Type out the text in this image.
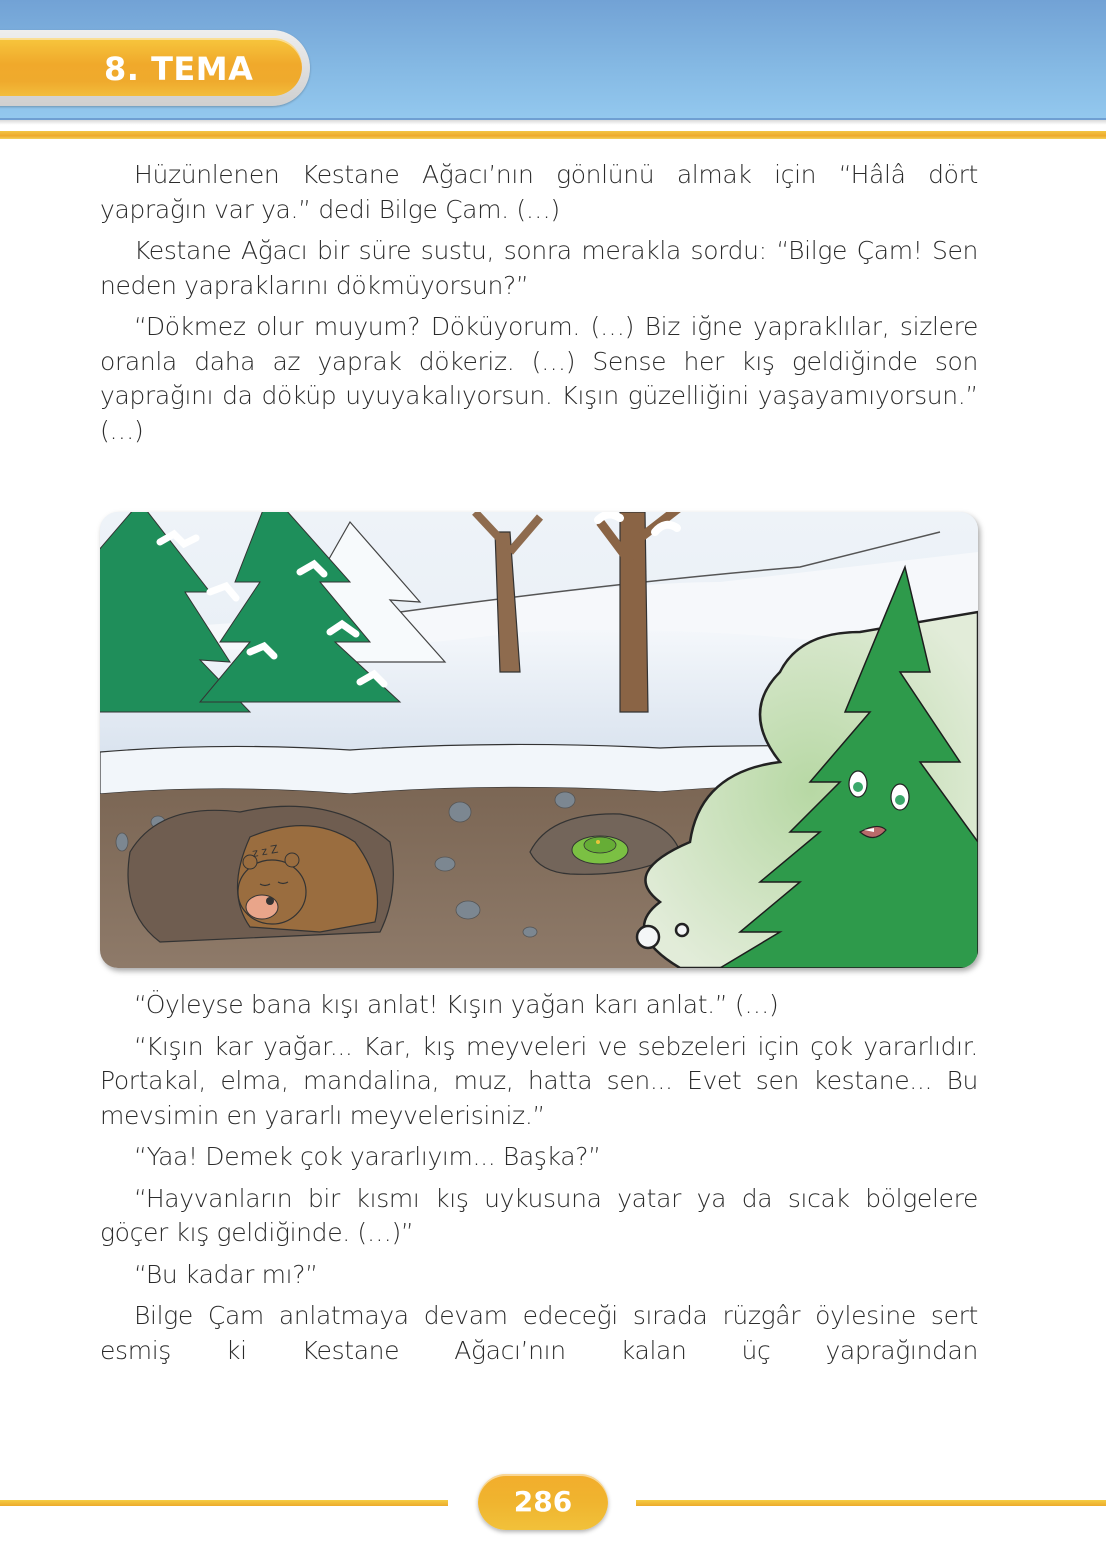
8. TEMA

Hüzünlenen Kestane Ağacı’nın gönlünü almak için “Hâlâ dört yaprağın var ya.” dedi Bilge Çam. (…)

Kestane Ağacı bir süre sustu, sonra merakla sordu: “Bilge Çam! Sen neden yapraklarını dökmüyorsun?”

“Dökmez olur muyum? Döküyorum. (…) Biz iğne yapraklılar, sizlere oranla daha az yaprak dökeriz. (…) Sense her kış geldiğinde son yaprağını da döküp uyuyakalıyorsun. Kışın güzelliğini yaşayamıyorsun.” (…)

z z Z

“Öyleyse bana kışı anlat! Kışın yağan karı anlat.” (…)

“Kışın kar yağar... Kar, kış meyveleri ve sebzeleri için çok yararlıdır. Portakal, elma, mandalina, muz, hatta sen... Evet sen kestane... Bu mevsimin en yararlı meyvelerisiniz.”

“Yaa! Demek çok yararlıyım... Başka?”

“Hayvanların bir kısmı kış uykusuna yatar ya da sıcak bölgelere göçer kış geldiğinde. (…)”

“Bu kadar mı?”

Bilge Çam anlatmaya devam edeceği sırada rüzgâr öylesine sert esmiş ki Kestane Ağacı’nın kalan üç yaprağından

286
